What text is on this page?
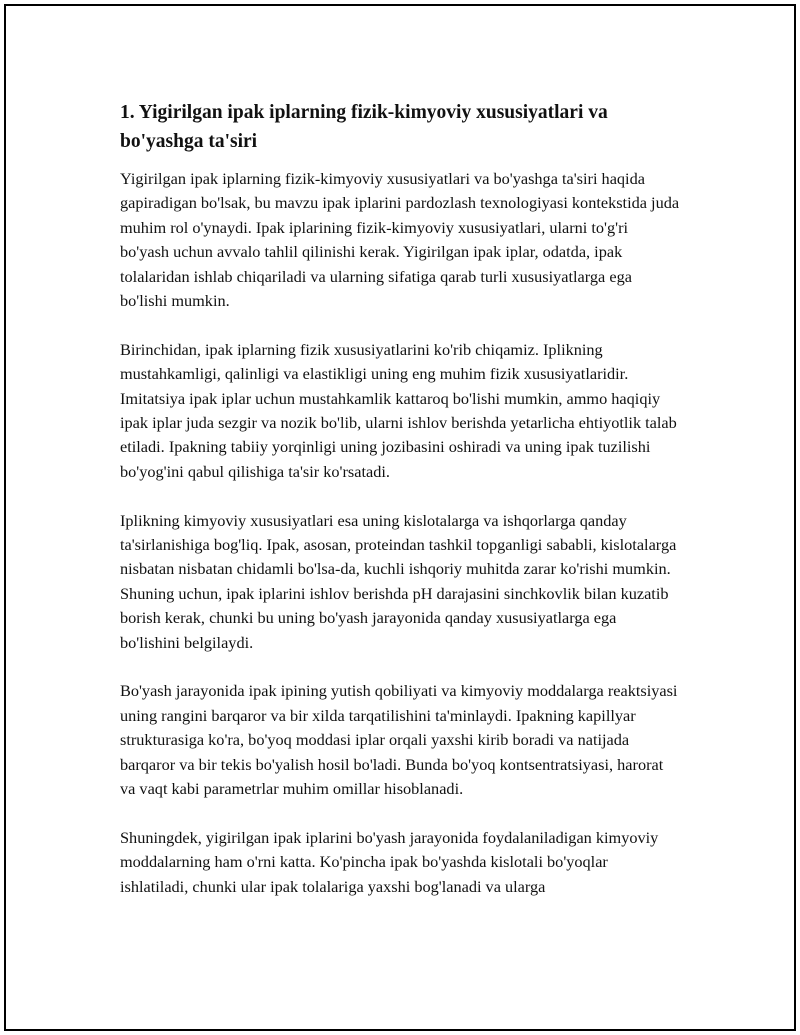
1. Yigirilgan ipak iplarning fizik-kimyoviy xususiyatlari va bo'yashga ta'siri

Yigirilgan ipak iplarning fizik-kimyoviy xususiyatlari va bo'yashga ta'siri haqida gapiradigan bo'lsak, bu mavzu ipak iplarini pardozlash texnologiyasi kontekstida juda muhim rol o'ynaydi. Ipak iplarining fizik-kimyoviy xususiyatlari, ularni to'g'ri bo'yash uchun avvalo tahlil qilinishi kerak. Yigirilgan ipak iplar, odatda, ipak tolalaridan ishlab chiqariladi va ularning sifatiga qarab turli xususiyatlarga ega bo'lishi mumkin.

Birinchidan, ipak iplarning fizik xususiyatlarini ko'rib chiqamiz. Iplikning mustahkamligi, qalinligi va elastikligi uning eng muhim fizik xususiyatlaridir. Imitatsiya ipak iplar uchun mustahkamlik kattaroq bo'lishi mumkin, ammo haqiqiy ipak iplar juda sezgir va nozik bo'lib, ularni ishlov berishda yetarlicha ehtiyotlik talab etiladi. Ipakning tabiiy yorqinligi uning jozibasini oshiradi va uning ipak tuzilishi bo'yog'ini qabul qilishiga ta'sir ko'rsatadi.

Iplikning kimyoviy xususiyatlari esa uning kislotalarga va ishqorlarga qanday ta'sirlanishiga bog'liq. Ipak, asosan, proteindan tashkil topganligi sababli, kislotalarga nisbatan nisbatan chidamli bo'lsa-da, kuchli ishqoriy muhitda zarar ko'rishi mumkin. Shuning uchun, ipak iplarini ishlov berishda pH darajasini sinchkovlik bilan kuzatib borish kerak, chunki bu uning bo'yash jarayonida qanday xususiyatlarga ega bo'lishini belgilaydi.

Bo'yash jarayonida ipak ipining yutish qobiliyati va kimyoviy moddalarga reaktsiyasi uning rangini barqaror va bir xilda tarqatilishini ta'minlaydi. Ipakning kapillyar strukturasiga ko'ra, bo'yoq moddasi iplar orqali yaxshi kirib boradi va natijada barqaror va bir tekis bo'yalish hosil bo'ladi. Bunda bo'yoq kontsentratsiyasi, harorat va vaqt kabi parametrlar muhim omillar hisoblanadi.

Shuningdek, yigirilgan ipak iplarini bo'yash jarayonida foydalaniladigan kimyoviy moddalarning ham o'rni katta. Ko'pincha ipak bo'yashda kislotali bo'yoqlar ishlatiladi, chunki ular ipak tolalariga yaxshi bog'lanadi va ularga
